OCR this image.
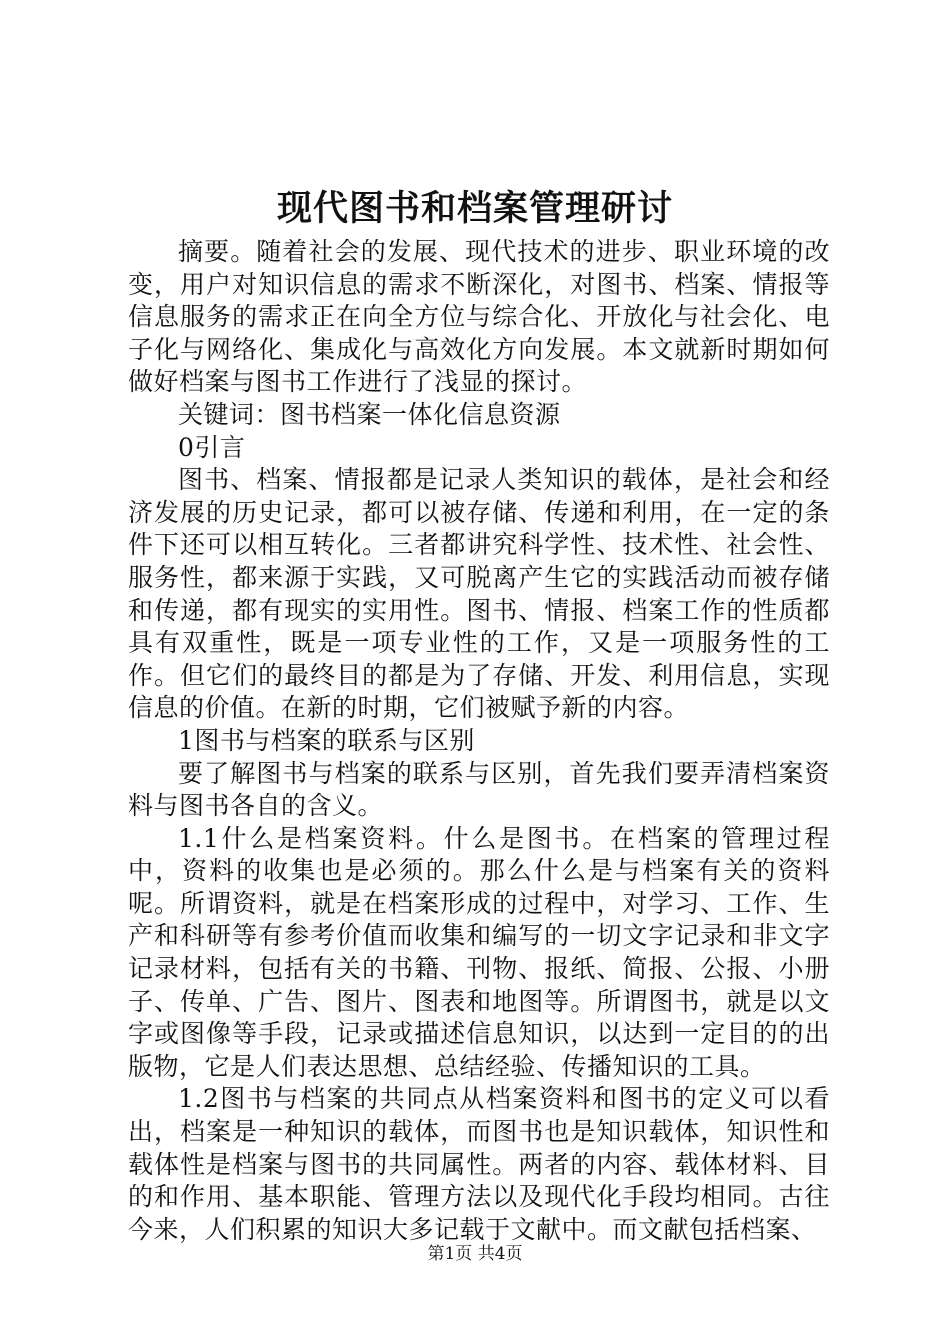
现代图书和档案管理研讨

摘要。随着社会的发展、现代技术的进步、职业环境的改变，用户对知识信息的需求不断深化，对图书、档案、情报等信息服务的需求正在向全方位与综合化、开放化与社会化、电子化与网络化、集成化与高效化方向发展。本文就新时期如何做好档案与图书工作进行了浅显的探讨。

关键词：图书档案一体化信息资源

0引言

图书、档案、情报都是记录人类知识的载体，是社会和经济发展的历史记录，都可以被存储、传递和利用，在一定的条件下还可以相互转化。三者都讲究科学性、技术性、社会性、服务性，都来源于实践，又可脱离产生它的实践活动而被存储和传递，都有现实的实用性。图书、情报、档案工作的性质都具有双重性，既是一项专业性的工作，又是一项服务性的工作。但它们的最终目的都是为了存储、开发、利用信息，实现信息的价值。在新的时期，它们被赋予新的内容。

1图书与档案的联系与区别

要了解图书与档案的联系与区别，首先我们要弄清档案资料与图书各自的含义。

1.1什么是档案资料。什么是图书。在档案的管理过程中，资料的收集也是必须的。那么什么是与档案有关的资料呢。所谓资料，就是在档案形成的过程中，对学习、工作、生产和科研等有参考价值而收集和编写的一切文字记录和非文字记录材料，包括有关的书籍、刊物、报纸、简报、公报、小册子、传单、广告、图片、图表和地图等。所谓图书，就是以文字或图像等手段，记录或描述信息知识，以达到一定目的的出版物，它是人们表达思想、总结经验、传播知识的工具。

1.2图书与档案的共同点从档案资料和图书的定义可以看出，档案是一种知识的载体，而图书也是知识载体，知识性和载体性是档案与图书的共同属性。两者的内容、载体材料、目的和作用、基本职能、管理方法以及现代化手段均相同。古往今来，人们积累的知识大多记载于文献中。而文献包括档案、

第1页 共4页
